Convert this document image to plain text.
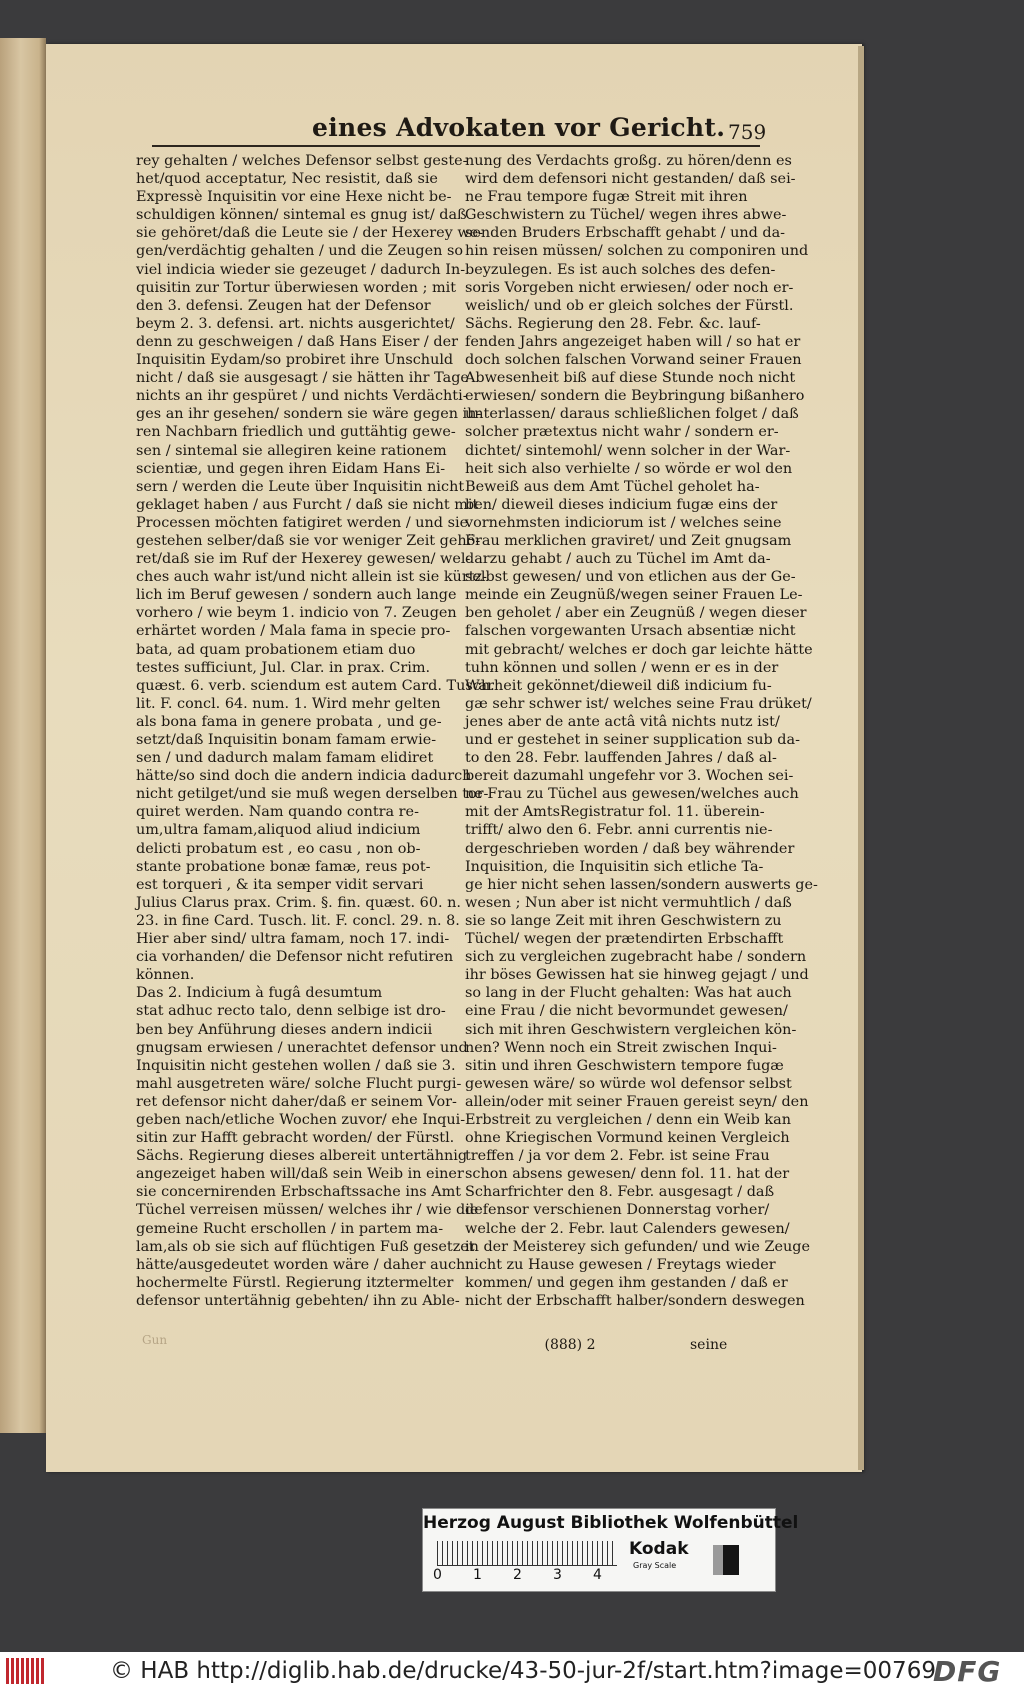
eines Advokaten vor Gericht. 759
rey gehalten / welches Defensor selbst geste-
het/quod acceptatur, Nec resistit, daß sie
Expressè Inquisitin vor eine Hexe nicht be-
schuldigen können/ sintemal es gnug ist/ daß
sie gehöret/daß die Leute sie / der Hexerey we-
gen/verdächtig gehalten / und die Zeugen so
viel indicia wieder sie gezeuget / dadurch In-
quisitin zur Tortur überwiesen worden ; mit
den 3. defensi. Zeugen hat der Defensor
beym 2. 3. defensi. art. nichts ausgerichtet/
denn zu geschweigen / daß Hans Eiser / der
Inquisitin Eydam/so probiret ihre Unschuld
nicht / daß sie ausgesagt / sie hätten ihr Tage
nichts an ihr gespüret / und nichts Verdächti-
ges an ihr gesehen/ sondern sie wäre gegen ih-
ren Nachbarn friedlich und guttähtig gewe-
sen / sintemal sie allegiren keine rationem
scientiæ, und gegen ihren Eidam Hans Ei-
sern / werden die Leute über Inquisitin nicht
geklaget haben / aus Furcht / daß sie nicht mit
Processen möchten fatigiret werden / und sie
gestehen selber/daß sie vor weniger Zeit gehö-
ret/daß sie im Ruf der Hexerey gewesen/ wel-
ches auch wahr ist/und nicht allein ist sie kürtz-
lich im Beruf gewesen / sondern auch lange
vorhero / wie beym 1. indicio von 7. Zeugen
erhärtet worden / Mala fama in specie pro-
bata, ad quam probationem etiam duo
testes sufficiunt, Jul. Clar. in prax. Crim.
quæst. 6. verb. sciendum est autem Card. Tusch.
lit. F. concl. 64. num. 1. Wird mehr gelten
als bona fama in genere probata , und ge-
setzt/daß Inquisitin bonam famam erwie-
sen / und dadurch malam famam elidiret
hätte/so sind doch die andern indicia dadurch
nicht getilget/und sie muß wegen derselben tor-
quiret werden. Nam quando contra re-
um,ultra famam,aliquod aliud indicium
delicti probatum est , eo casu , non ob-
stante probatione bonæ famæ, reus pot-
est torqueri , & ita semper vidit servari
Julius Clarus prax. Crim. §. fin. quæst. 60. n.
23. in fine Card. Tusch. lit. F. concl. 29. n. 8.
Hier aber sind/ ultra famam, noch 17. indi-
cia vorhanden/ die Defensor nicht refutiren
können.
Das 2. Indicium à fugâ desumtum
stat adhuc recto talo, denn selbige ist dro-
ben bey Anführung dieses andern indicii
gnugsam erwiesen / unerachtet defensor und
Inquisitin nicht gestehen wollen / daß sie 3.
mahl ausgetreten wäre/ solche Flucht purgi-
ret defensor nicht daher/daß er seinem Vor-
geben nach/etliche Wochen zuvor/ ehe Inqui-
sitin zur Hafft gebracht worden/ der Fürstl.
Sächs. Regierung dieses albereit untertähnig
angezeiget haben will/daß sein Weib in einer
sie concernirenden Erbschaftssache ins Amt
Tüchel verreisen müssen/ welches ihr / wie die
gemeine Rucht erschollen / in partem ma-
lam,als ob sie sich auf flüchtigen Fuß gesetzet
hätte/ausgedeutet worden wäre / daher auch
hochermelte Fürstl. Regierung itztermelter
defensor untertähnig gebehten/ ihn zu Able-
nung des Verdachts großg. zu hören/denn es
wird dem defensori nicht gestanden/ daß sei-
ne Frau tempore fugæ Streit mit ihren
Geschwistern zu Tüchel/ wegen ihres abwe-
senden Bruders Erbschafft gehabt / und da-
hin reisen müssen/ solchen zu componiren und
beyzulegen. Es ist auch solches des defen-
soris Vorgeben nicht erwiesen/ oder noch er-
weislich/ und ob er gleich solches der Fürstl.
Sächs. Regierung den 28. Febr. &c. lauf-
fenden Jahrs angezeiget haben will / so hat er
doch solchen falschen Vorwand seiner Frauen
Abwesenheit biß auf diese Stunde noch nicht
erwiesen/ sondern die Beybringung bißanhero
unterlassen/ daraus schließlichen folget / daß
solcher prætextus nicht wahr / sondern er-
dichtet/ sintemohl/ wenn solcher in der War-
heit sich also verhielte / so wörde er wol den
Beweiß aus dem Amt Tüchel geholet ha-
ben/ dieweil dieses indicium fugæ eins der
vornehmsten indiciorum ist / welches seine
Frau merklichen graviret/ und Zeit gnugsam
darzu gehabt / auch zu Tüchel im Amt da-
selbst gewesen/ und von etlichen aus der Ge-
meinde ein Zeugnüß/wegen seiner Frauen Le-
ben geholet / aber ein Zeugnüß / wegen dieser
falschen vorgewanten Ursach absentiæ nicht
mit gebracht/ welches er doch gar leichte hätte
tuhn können und sollen / wenn er es in der
Warheit gekönnet/dieweil diß indicium fu-
gæ sehr schwer ist/ welches seine Frau drüket/
jenes aber de ante actâ vitâ nichts nutz ist/
und er gestehet in seiner supplication sub da-
to den 28. Febr. lauffenden Jahres / daß al-
bereit dazumahl ungefehr vor 3. Wochen sei-
ne Frau zu Tüchel aus gewesen/welches auch
mit der AmtsRegistratur fol. 11. überein-
trifft/ alwo den 6. Febr. anni currentis nie-
dergeschrieben worden / daß bey währender
Inquisition, die Inquisitin sich etliche Ta-
ge hier nicht sehen lassen/sondern auswerts ge-
wesen ; Nun aber ist nicht vermuhtlich / daß
sie so lange Zeit mit ihren Geschwistern zu
Tüchel/ wegen der prætendirten Erbschafft
sich zu vergleichen zugebracht habe / sondern
ihr böses Gewissen hat sie hinweg gejagt / und
so lang in der Flucht gehalten: Was hat auch
eine Frau / die nicht bevormundet gewesen/
sich mit ihren Geschwistern vergleichen kön-
nen? Wenn noch ein Streit zwischen Inqui-
sitin und ihren Geschwistern tempore fugæ
gewesen wäre/ so würde wol defensor selbst
allein/oder mit seiner Frauen gereist seyn/ den
Erbstreit zu vergleichen / denn ein Weib kan
ohne Kriegischen Vormund keinen Vergleich
treffen / ja vor dem 2. Febr. ist seine Frau
schon absens gewesen/ denn fol. 11. hat der
Scharfrichter den 8. Febr. ausgesagt / daß
defensor verschienen Donnerstag vorher/
welche der 2. Febr. laut Calenders gewesen/
in der Meisterey sich gefunden/ und wie Zeuge
nicht zu Hause gewesen / Freytags wieder
kommen/ und gegen ihm gestanden / daß er
nicht der Erbschafft halber/sondern deswegen
Gun	(888) 2	seine
Herzog August Bibliothek Wolfenbüttel
0 1 2 3 4
Kodak
Gray Scale
© HAB http://diglib.hab.de/drucke/43-50-jur-2f/start.htm?image=00769
DFG
